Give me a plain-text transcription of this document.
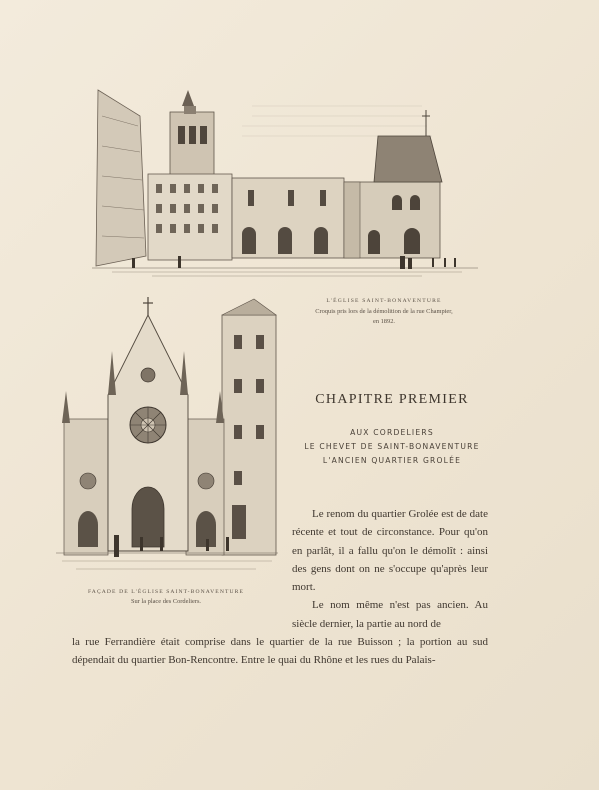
L'ÉGLISE SAINT-BONAVENTURE
Croquis pris lors de la démolition de la rue Champier,
en 1892.
FAÇADE DE L'ÉGLISE SAINT-BONAVENTURE
Sur la place des Cordeliers.
CHAPITRE PREMIER
AUX CORDELIERS
LE CHEVET DE SAINT-BONAVENTURE
L'ANCIEN QUARTIER GROLÉE

Le renom du quartier Grolée est de date récente et tout de circonstance. Pour qu'on en parlât, il a fallu qu'on le démolît : ainsi des gens dont on ne s'occupe qu'après leur mort.

Le nom même n'est pas ancien. Au siècle dernier, la partie au nord de

la rue Ferrandière était comprise dans le quartier de la rue Buisson ; la portion au sud dépendait du quartier Bon-Rencontre. Entre le quai du Rhône et les rues du Palais-
